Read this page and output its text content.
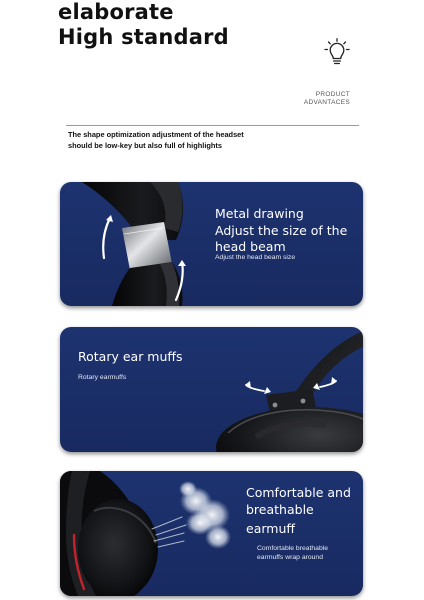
elaborate
High standard
PRODUCT
ADVANTACES
The shape optimization adjustment of the headset
should be low-key but also full of highlights
Metal drawing
Adjust the size of the
head beam
Adjust the head beam size
Rotary ear muffs
Rotary earmuffs
Comfortable and
breathable
earmuff
Comfortable breathable
earmuffs wrap around
